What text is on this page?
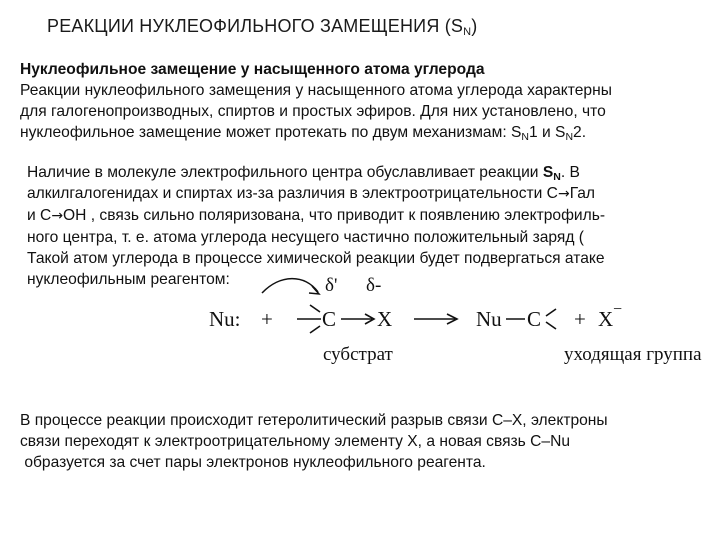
РЕАКЦИИ НУКЛЕОФИЛЬНОГО ЗАМЕЩЕНИЯ $(S_N)$
Нуклеофильное замещение у насыщенного атома углерода
Реакции нуклеофильного замещения у насыщенного атома углерода характерны
для галогенопроизводных, спиртов и простых эфиров. Для них установлено, что
нуклеофильное замещение может протекать по двум механизмам: $S_N1$ и $S_N2$.
Наличие в молекуле электрофильного центра обуславливает реакции $S_N$. В
алкилгалогенидах и спиртах из-за различия в электроотрицательности C→Гал
и C→OH , связь сильно поляризована, что приводит к появлению электрофиль-
ного центра, т. е. атома углерода несущего частично положительный заряд (
Такой атом углерода в процессе химической реакции будет подвергаться атаке
нуклеофильным реагентом:	δ' δ-
Nu: + C X	Nu C + X −
субстрат	уходящая группа
В процессе реакции происходит гетеролитический разрыв связи С–Х, электроны
связи переходят к электроотрицательному элементу Х, а новая связь С–Nu
образуется за счет пары электронов нуклеофильного реагента.
